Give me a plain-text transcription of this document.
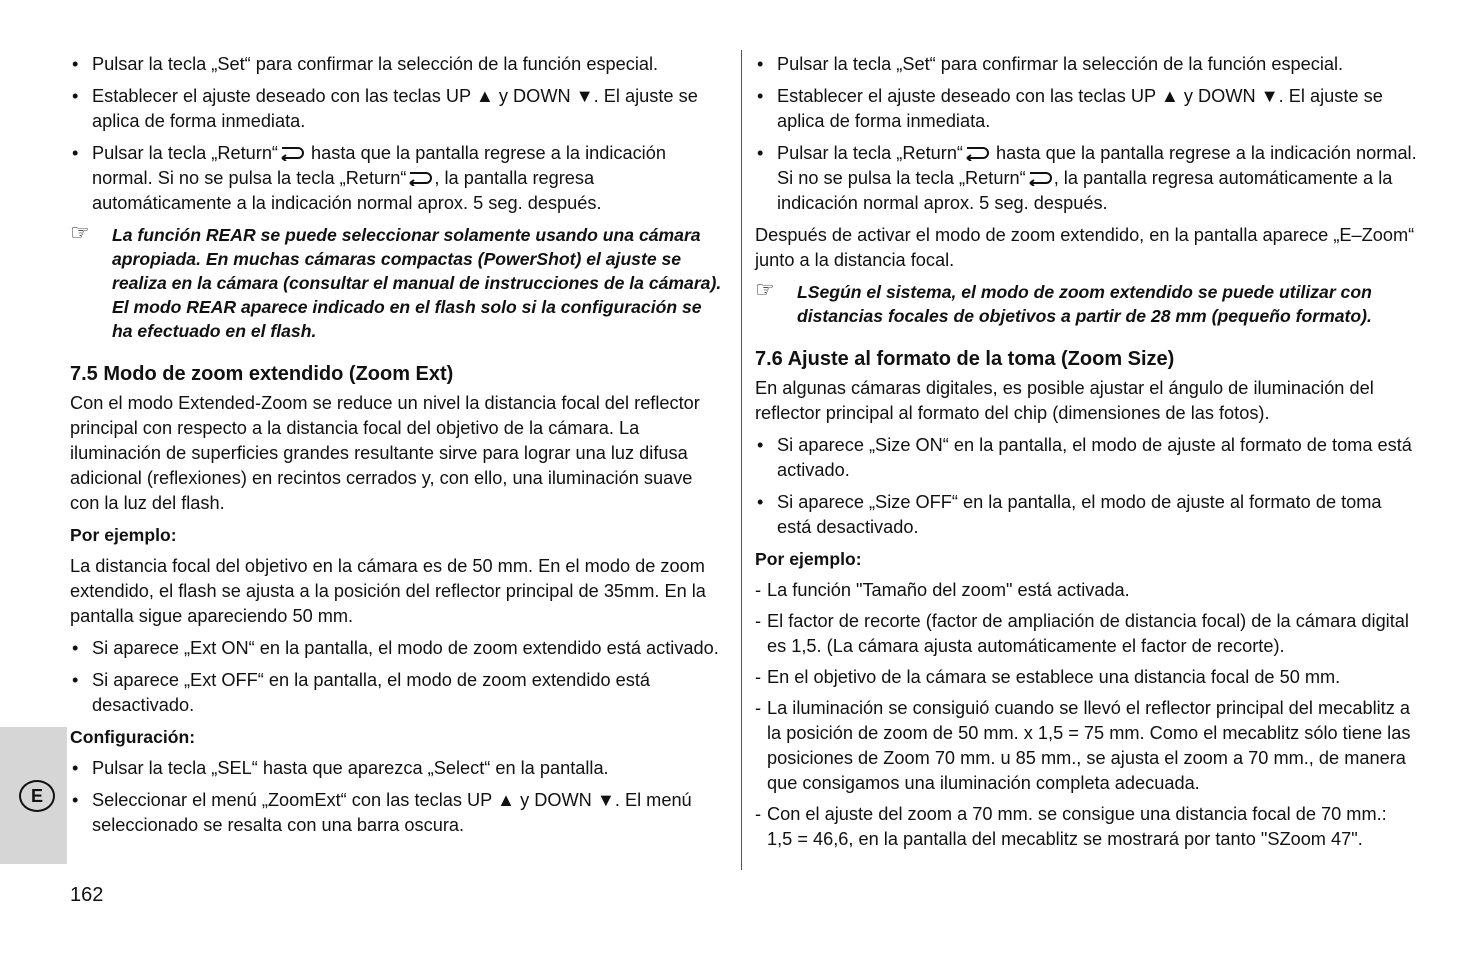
E
• Pulsar la tecla „Set“ para confirmar la selección de la función especial.
• Establecer el ajuste deseado con las teclas UP ▲ y DOWN ▼. El ajuste se aplica de forma inmediata.
• Pulsar la tecla „Return“ hasta que la pantalla regrese a la indicación normal. Si no se pulsa la tecla „Return“ , la pantalla regresa automáticamente a la indicación normal aprox. 5 seg. después.
☞ La función REAR se puede seleccionar solamente usando una cámara apropiada. En muchas cámaras compactas (PowerShot) el ajuste se realiza en la cámara (consultar el manual de instrucciones de la cámara). El modo REAR aparece indicado en el flash solo si la configuración se ha efectuado en el flash.
7.5 Modo de zoom extendido (Zoom Ext)
Con el modo Extended-Zoom se reduce un nivel la distancia focal del reflector principal con respecto a la distancia focal del objetivo de la cámara. La iluminación de superficies grandes resultante sirve para lograr una luz difusa adicional (reflexiones) en recintos cerrados y, con ello, una iluminación suave con la luz del flash.
Por ejemplo:
La distancia focal del objetivo en la cámara es de 50 mm. En el modo de zoom extendido, el flash se ajusta a la posición del reflector principal de 35mm. En la pantalla sigue apareciendo 50 mm.
• Si aparece „Ext ON“ en la pantalla, el modo de zoom extendido está activado.
• Si aparece „Ext OFF“ en la pantalla, el modo de zoom extendido está desactivado.
Configuración:
• Pulsar la tecla „SEL“ hasta que aparezca „Select“ en la pantalla.
• Seleccionar el menú „ZoomExt“ con las teclas UP ▲ y DOWN ▼. El menú seleccionado se resalta con una barra oscura.
• Pulsar la tecla „Set“ para confirmar la selección de la función especial.
• Establecer el ajuste deseado con las teclas UP ▲ y DOWN ▼. El ajuste se aplica de forma inmediata.
• Pulsar la tecla „Return“ hasta que la pantalla regrese a la indicación normal. Si no se pulsa la tecla „Return“ , la pantalla regresa automáticamente a la indicación normal aprox. 5 seg. después.
Después de activar el modo de zoom extendido, en la pantalla aparece „E–Zoom“ junto a la distancia focal.
☞ LSegún el sistema, el modo de zoom extendido se puede utilizar con distancias focales de objetivos a partir de 28 mm (pequeño formato).
7.6 Ajuste al formato de la toma (Zoom Size)
En algunas cámaras digitales, es posible ajustar el ángulo de iluminación del reflector principal al formato del chip (dimensiones de las fotos).
• Si aparece „Size ON“ en la pantalla, el modo de ajuste al formato de toma está activado.
• Si aparece „Size OFF“ en la pantalla, el modo de ajuste al formato de toma está desactivado.
Por ejemplo:
- La función "Tamaño del zoom" está activada.
- El factor de recorte (factor de ampliación de distancia focal) de la cámara digital es 1,5. (La cámara ajusta automáticamente el factor de recorte).
- En el objetivo de la cámara se establece una distancia focal de 50 mm.
- La iluminación se consiguió cuando se llevó el reflector principal del mecablitz a la posición de zoom de 50 mm. x 1,5 = 75 mm. Como el mecablitz sólo tiene las posiciones de Zoom 70 mm. u 85 mm., se ajusta el zoom a 70 mm., de manera que consigamos una iluminación completa adecuada.
- Con el ajuste del zoom a 70 mm. se consigue una distancia focal de 70 mm.: 1,5 = 46,6, en la pantalla del mecablitz se mostrará por tanto "SZoom 47".
162
